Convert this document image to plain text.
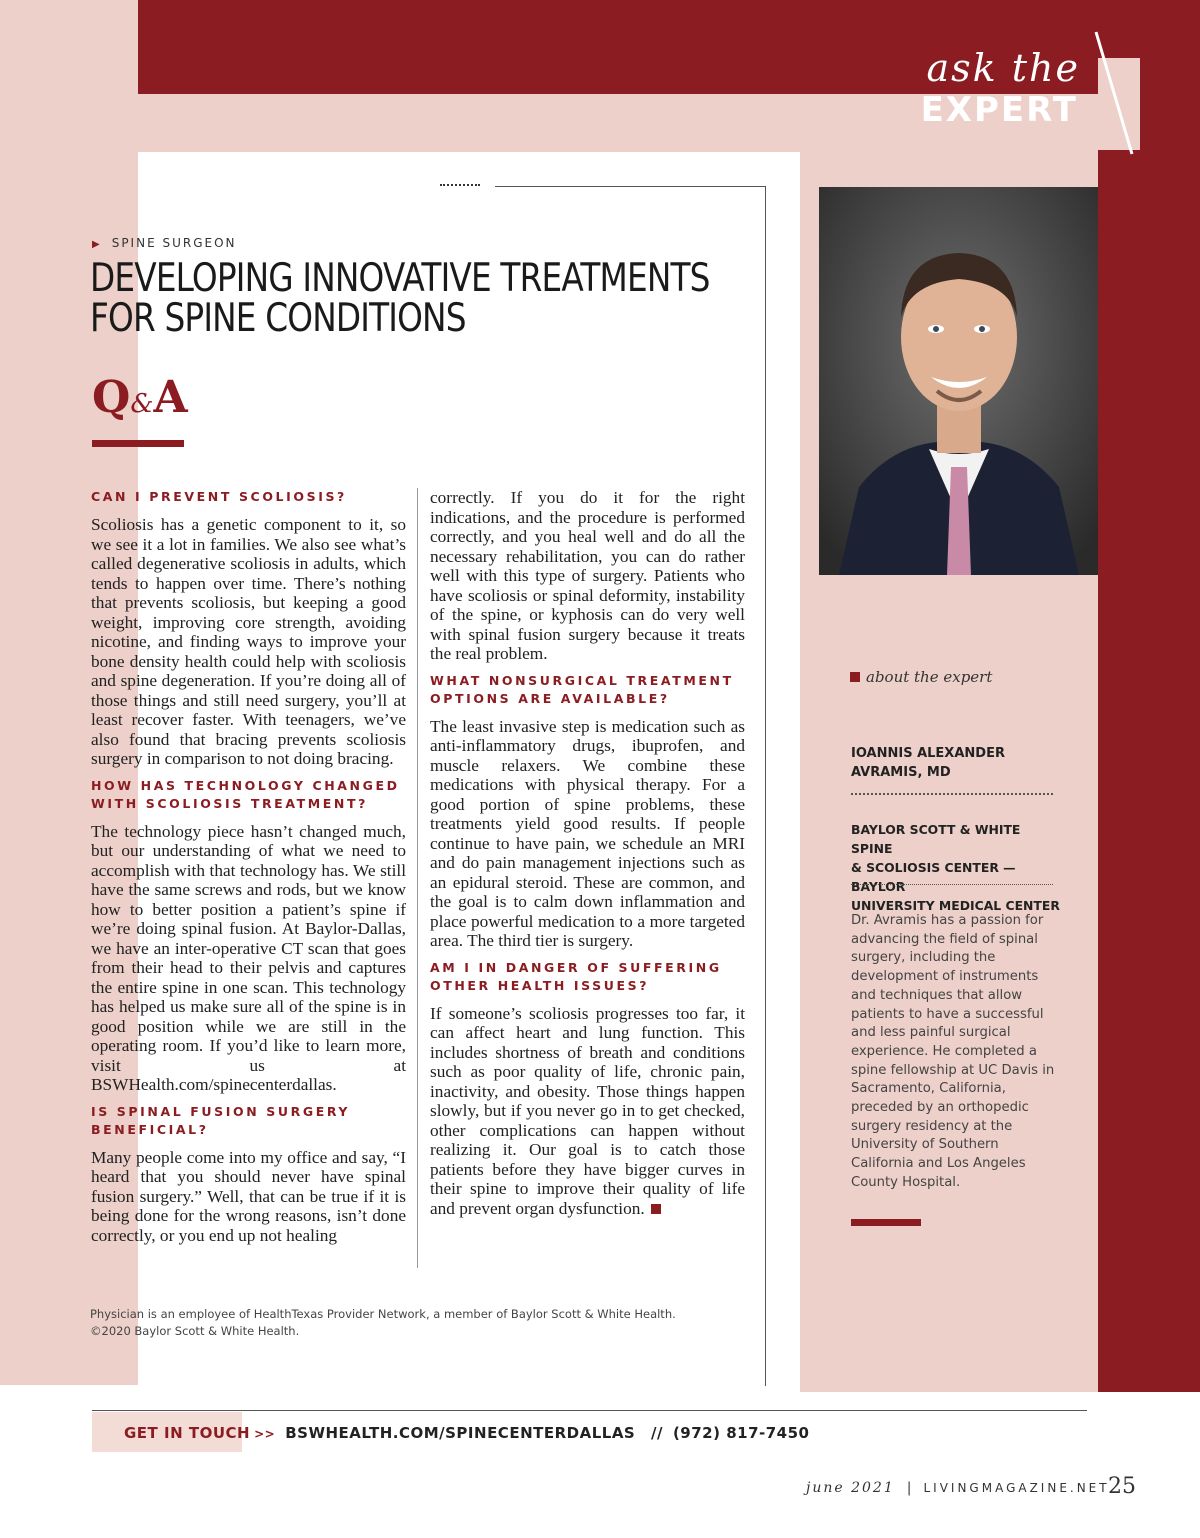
ask the
EXPERT
▶ SPINE SURGEON
DEVELOPING INNOVATIVE TREATMENTS
FOR SPINE CONDITIONS
Q&A
CAN I PREVENT SCOLIOSIS?

Scoliosis has a genetic component to it, so we see it a lot in families. We also see what’s called degenerative scoliosis in adults, which tends to happen over time. There’s nothing that prevents scoliosis, but keeping a good weight, improving core strength, avoiding nicotine, and finding ways to improve your bone density health could help with scoliosis and spine degeneration. If you’re doing all of those things and still need surgery, you’ll at least recover faster. With teenagers, we’ve also found that bracing prevents scoliosis surgery in comparison to not doing bracing.

HOW HAS TECHNOLOGY CHANGED WITH SCOLIOSIS TREATMENT?

The technology piece hasn’t changed much, but our understanding of what we need to accomplish with that technology has. We still have the same screws and rods, but we know how to better position a patient’s spine if we’re doing spinal fusion. At Baylor-Dallas, we have an inter-operative CT scan that goes from their head to their pelvis and captures the entire spine in one scan. This technology has helped us make sure all of the spine is in good position while we are still in the operating room. If you’d like to learn more, visit us at BSWHealth.com/spinecenterdallas.

IS SPINAL FUSION SURGERY BENEFICIAL?

Many people come into my office and say, “I heard that you should never have spinal fusion surgery.” Well, that can be true if it is being done for the wrong reasons, isn’t done correctly, or you end up not healing

correctly. If you do it for the right indications, and the procedure is performed correctly, and you heal well and do all the necessary rehabilitation, you can do rather well with this type of surgery. Patients who have scoliosis or spinal deformity, instability of the spine, or kyphosis can do very well with spinal fusion surgery because it treats the real problem.

WHAT NONSURGICAL TREATMENT OPTIONS ARE AVAILABLE?

The least invasive step is medication such as anti-inflammatory drugs, ibuprofen, and muscle relaxers. We combine these medications with physical therapy. For a good portion of spine problems, these treatments yield good results. If people continue to have pain, we schedule an MRI and do pain management injections such as an epidural steroid. These are common, and the goal is to calm down inflammation and place powerful medication to a more targeted area. The third tier is surgery.

AM I IN DANGER OF SUFFERING OTHER HEALTH ISSUES?

If someone’s scoliosis progresses too far, it can affect heart and lung function. This includes shortness of breath and conditions such as poor quality of life, chronic pain, inactivity, and obesity. Those things happen slowly, but if you never go in to get checked, other complications can happen without realizing it. Our goal is to catch those patients before they have bigger curves in their spine to improve their quality of life and prevent organ dysfunction.

about the expert
IOANNIS ALEXANDER
AVRAMIS, MD
BAYLOR SCOTT & WHITE SPINE
& SCOLIOSIS CENTER — BAYLOR
UNIVERSITY MEDICAL CENTER
Dr. Avramis has a passion for advancing the field of spinal surgery, including the development of instruments and techniques that allow patients to have a successful and less painful surgical experience. He completed a spine fellowship at UC Davis in Sacramento, California, preceded by an orthopedic surgery residency at the University of Southern California and Los Angeles County Hospital.
Physician is an employee of HealthTexas Provider Network, a member of Baylor Scott & White Health.
©2020 Baylor Scott & White Health.
GET IN TOUCH >> BSWHEALTH.COM/SPINECENTERDALLAS // (972) 817-7450
june 2021 | LIVINGMAGAZINE.NET
25
